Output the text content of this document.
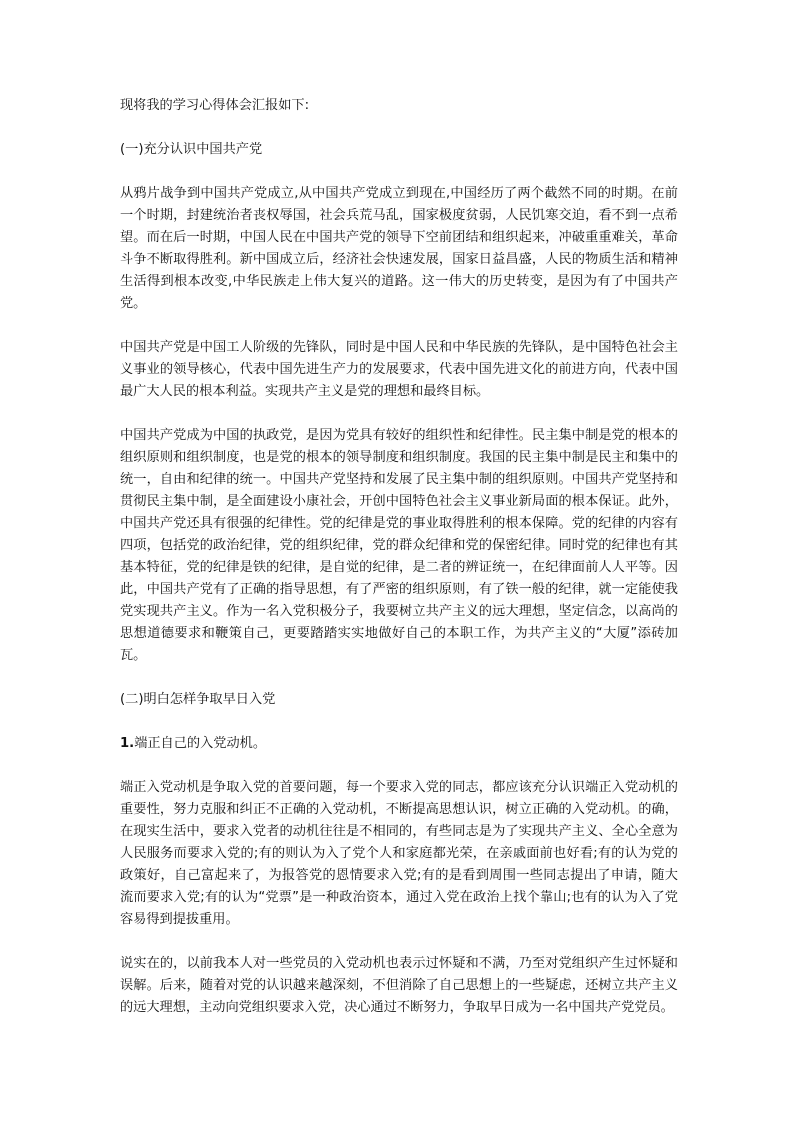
现将我的学习心得体会汇报如下:

(一)充分认识中国共产党

从鸦片战争到中国共产党成立,从中国共产党成立到现在,中国经历了两个截然不同的时期。在前一个时期，封建统治者丧权辱国，社会兵荒马乱，国家极度贫弱，人民饥寒交迫，看不到一点希望。而在后一时期，中国人民在中国共产党的领导下空前团结和组织起来，冲破重重难关，革命斗争不断取得胜利。新中国成立后，经济社会快速发展，国家日益昌盛，人民的物质生活和精神生活得到根本改变,中华民族走上伟大复兴的道路。这一伟大的历史转变，是因为有了中国共产党。

中国共产党是中国工人阶级的先锋队，同时是中国人民和中华民族的先锋队，是中国特色社会主义事业的领导核心，代表中国先进生产力的发展要求，代表中国先进文化的前进方向，代表中国最广大人民的根本利益。实现共产主义是党的理想和最终目标。

中国共产党成为中国的执政党，是因为党具有较好的组织性和纪律性。民主集中制是党的根本的组织原则和组织制度，也是党的根本的领导制度和组织制度。我国的民主集中制是民主和集中的统一，自由和纪律的统一。中国共产党坚持和发展了民主集中制的组织原则。中国共产党坚持和贯彻民主集中制，是全面建设小康社会，开创中国特色社会主义事业新局面的根本保证。此外，中国共产党还具有很强的纪律性。党的纪律是党的事业取得胜利的根本保障。党的纪律的内容有四项，包括党的政治纪律，党的组织纪律，党的群众纪律和党的保密纪律。同时党的纪律也有其基本特征，党的纪律是铁的纪律，是自觉的纪律，是二者的辨证统一，在纪律面前人人平等。因此，中国共产党有了正确的指导思想，有了严密的组织原则，有了铁一般的纪律，就一定能使我党实现共产主义。作为一名入党积极分子，我要树立共产主义的远大理想，坚定信念，以高尚的思想道德要求和鞭策自己，更要踏踏实实地做好自己的本职工作，为共产主义的“大厦”添砖加瓦。

(二)明白怎样争取早日入党

1.端正自己的入党动机。

端正入党动机是争取入党的首要问题，每一个要求入党的同志，都应该充分认识端正入党动机的重要性，努力克服和纠正不正确的入党动机，不断提高思想认识，树立正确的入党动机。的确，在现实生活中，要求入党者的动机往往是不相同的，有些同志是为了实现共产主义、全心全意为人民服务而要求入党的;有的则认为入了党个人和家庭都光荣，在亲戚面前也好看;有的认为党的政策好，自己富起来了，为报答党的恩情要求入党;有的是看到周围一些同志提出了申请，随大流而要求入党;有的认为“党票”是一种政治资本，通过入党在政治上找个靠山;也有的认为入了党容易得到提拔重用。

说实在的，以前我本人对一些党员的入党动机也表示过怀疑和不满，乃至对党组织产生过怀疑和误解。后来，随着对党的认识越来越深刻，不但消除了自己思想上的一些疑虑，还树立共产主义的远大理想，主动向党组织要求入党，决心通过不断努力，争取早日成为一名中国共产党党员。
